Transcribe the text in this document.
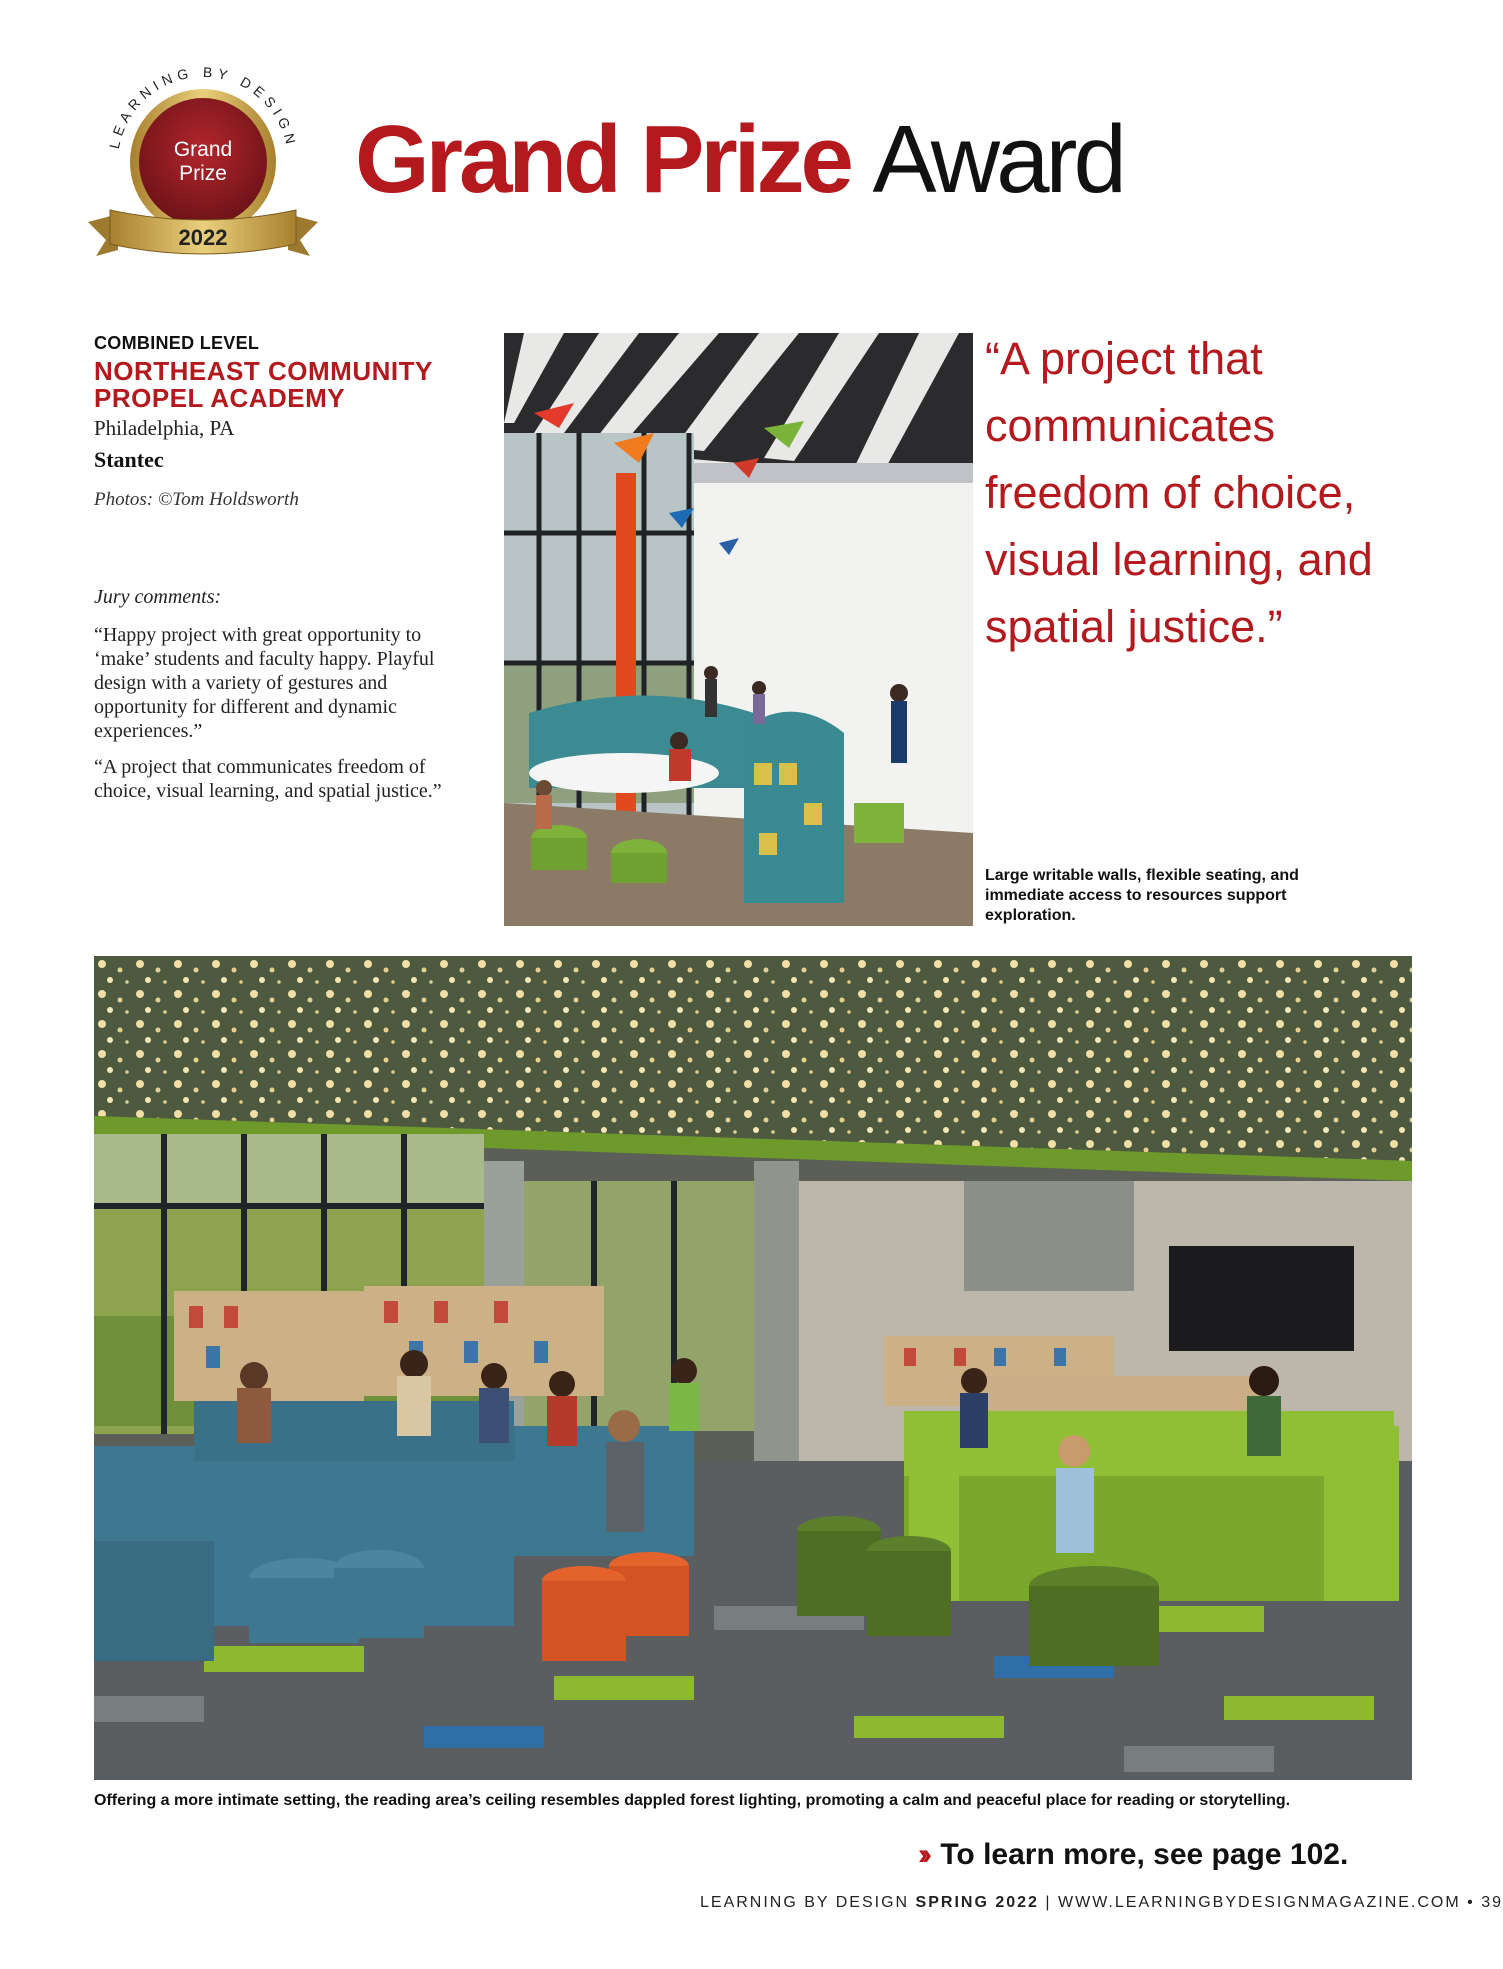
LEARNING BY DESIGN
Grand
Prize
2022
Grand Prize Award
COMBINED LEVEL
NORTHEAST COMMUNITY
PROPEL ACADEMY
Philadelphia, PA
Stantec
Photos: ©Tom Holdsworth
Jury comments:

“Happy project with great opportunity to ‘make’ students and faculty happy. Playful design with a variety of gestures and opportunity for different and dynamic experiences.”

“A project that communicates freedom of choice, visual learning, and spatial justice.”

“A project that communicates freedom of choice, visual learning, and spatial justice.”

Large writable walls, flexible seating, and immediate access to resources support exploration.
Offering a more intimate setting, the reading area’s ceiling resembles dappled forest lighting, promoting a calm and peaceful place for reading or storytelling.
›› To learn more, see page 102.
LEARNING BY DESIGN SPRING 2022 | WWW.LEARNINGBYDESIGNMAGAZINE.COM • 39
